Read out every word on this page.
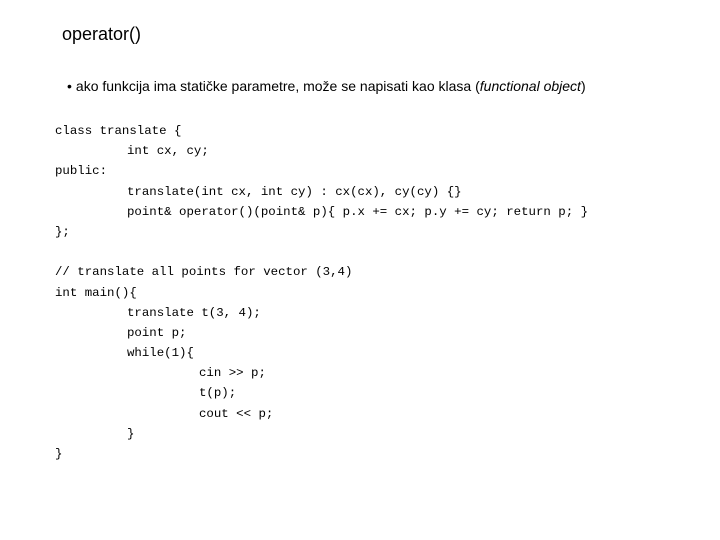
operator()
• ako funkcija ima statičke parametre, može se napisati kao klasa (functional object)
class translate {
int cx, cy;
public:
translate(int cx, int cy) : cx(cx), cy(cy) {}
point& operator()(point& p){ p.x += cx; p.y += cy; return p; }
};
// translate all points for vector (3,4)
int main(){
translate t(3, 4);
point p;
while(1){
cin >> p;
t(p);
cout << p;
}
}
